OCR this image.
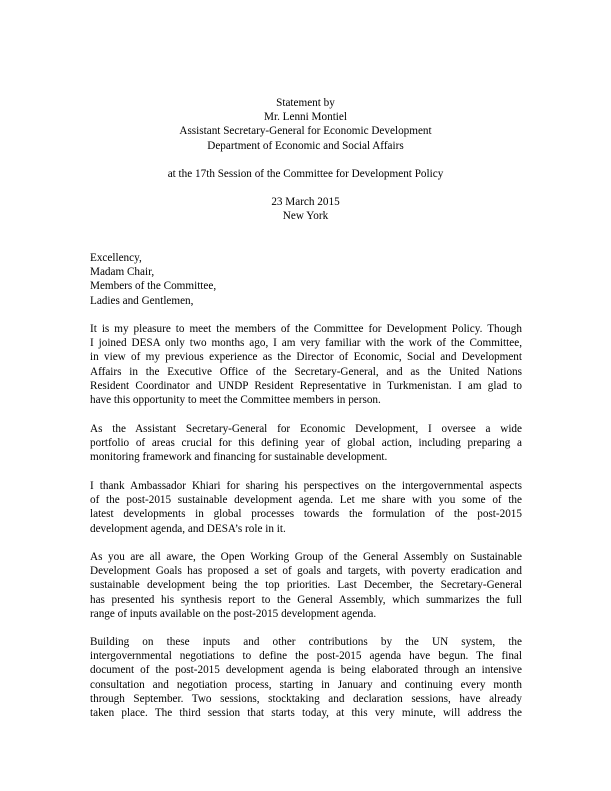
Statement by
Mr. Lenni Montiel
Assistant Secretary-General for Economic Development
Department of Economic and Social Affairs
at the 17th Session of the Committee for Development Policy
23 March 2015
New York
Excellency,
Madam Chair,
Members of the Committee,
Ladies and Gentlemen,
It is my pleasure to meet the members of the Committee for Development Policy. Though
I joined DESA only two months ago, I am very familiar with the work of the Committee,
in view of my previous experience as the Director of Economic, Social and Development
Affairs in the Executive Office of the Secretary-General, and as the United Nations
Resident Coordinator and UNDP Resident Representative in Turkmenistan. I am glad to
have this opportunity to meet the Committee members in person.
As the Assistant Secretary-General for Economic Development, I oversee a wide
portfolio of areas crucial for this defining year of global action, including preparing a
monitoring framework and financing for sustainable development.
I thank Ambassador Khiari for sharing his perspectives on the intergovernmental aspects
of the post-2015 sustainable development agenda. Let me share with you some of the
latest developments in global processes towards the formulation of the post-2015
development agenda, and DESA’s role in it.
As you are all aware, the Open Working Group of the General Assembly on Sustainable
Development Goals has proposed a set of goals and targets, with poverty eradication and
sustainable development being the top priorities. Last December, the Secretary-General
has presented his synthesis report to the General Assembly, which summarizes the full
range of inputs available on the post-2015 development agenda.
Building on these inputs and other contributions by the UN system, the
intergovernmental negotiations to define the post-2015 agenda have begun. The final
document of the post-2015 development agenda is being elaborated through an intensive
consultation and negotiation process, starting in January and continuing every month
through September. Two sessions, stocktaking and declaration sessions, have already
taken place. The third session that starts today, at this very minute, will address the
